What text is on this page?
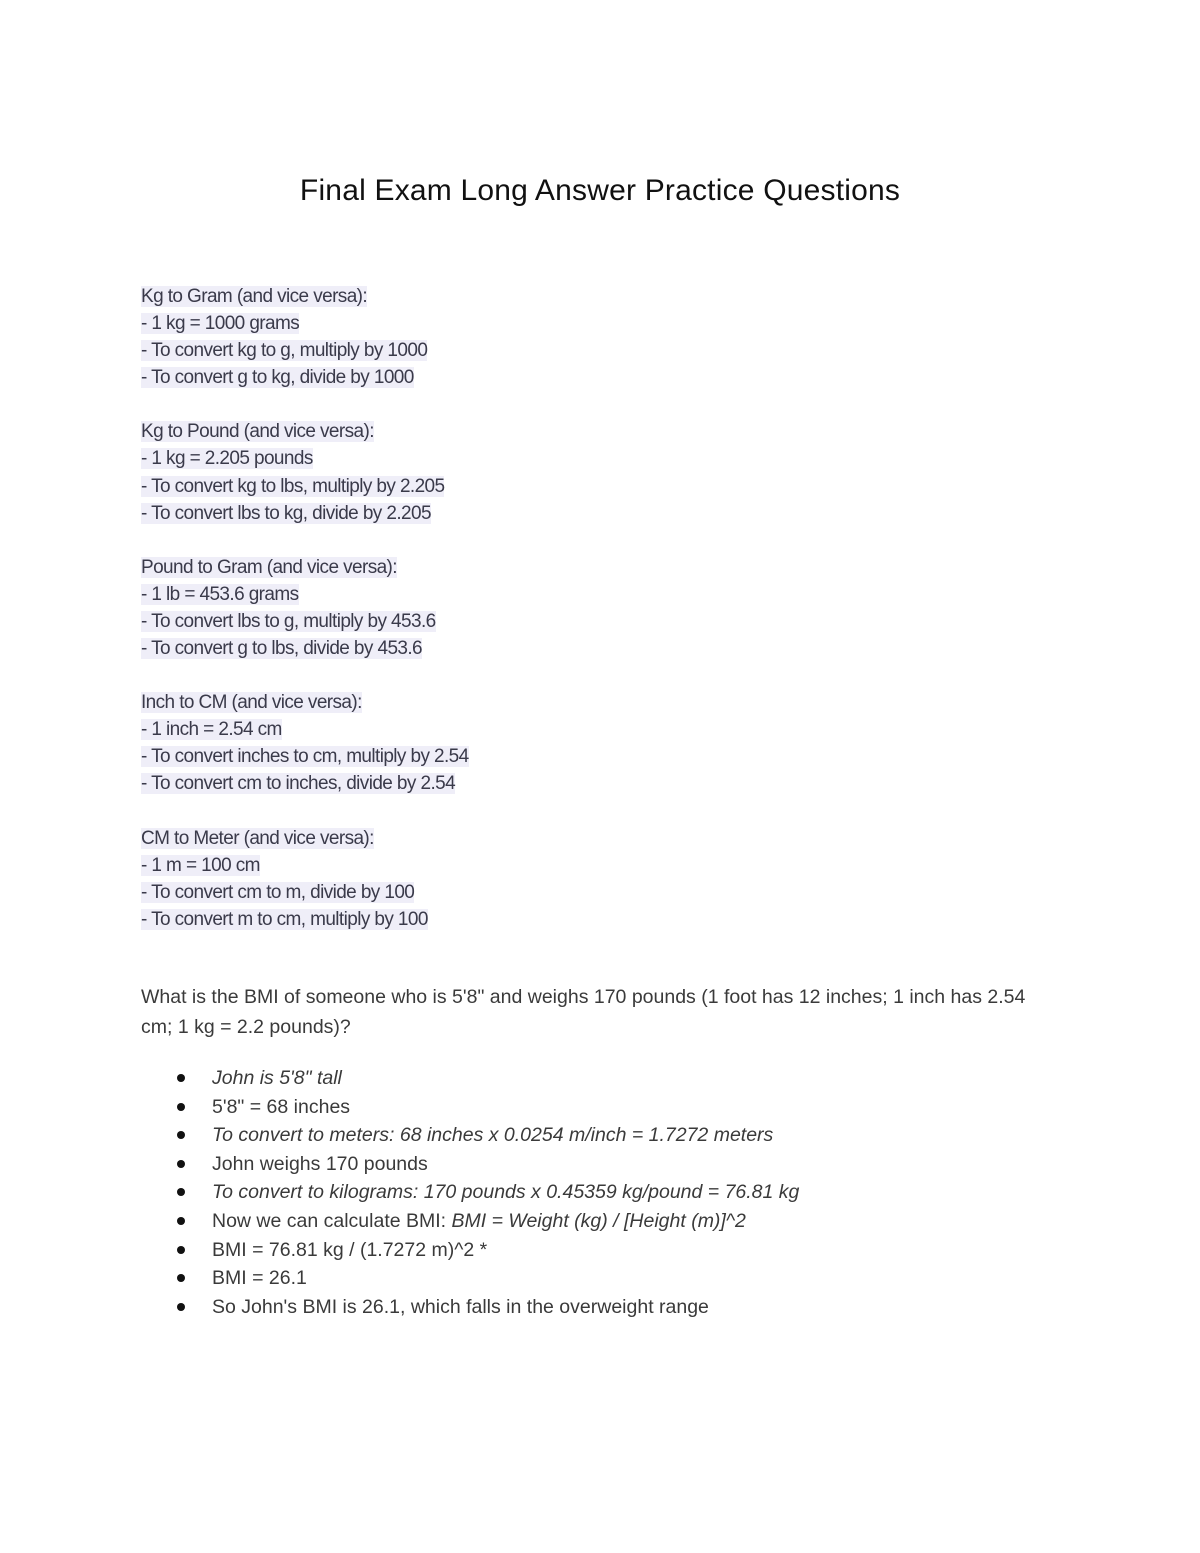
Final Exam Long Answer Practice Questions
Kg to Gram (and vice versa):
- 1 kg = 1000 grams
- To convert kg to g, multiply by 1000
- To convert g to kg, divide by 1000
Kg to Pound (and vice versa):
- 1 kg = 2.205 pounds
- To convert kg to lbs, multiply by 2.205
- To convert lbs to kg, divide by 2.205
Pound to Gram (and vice versa):
- 1 lb = 453.6 grams
- To convert lbs to g, multiply by 453.6
- To convert g to lbs, divide by 453.6
Inch to CM (and vice versa):
- 1 inch = 2.54 cm
- To convert inches to cm, multiply by 2.54
- To convert cm to inches, divide by 2.54
CM to Meter (and vice versa):
- 1 m = 100 cm
- To convert cm to m, divide by 100
- To convert m to cm, multiply by 100

What is the BMI of someone who is 5'8" and weighs 170 pounds (1 foot has 12 inches; 1 inch has 2.54 cm; 1 kg = 2.2 pounds)?

John is 5'8" tall
5'8" = 68 inches
To convert to meters: 68 inches x 0.0254 m/inch = 1.7272 meters
John weighs 170 pounds
To convert to kilograms: 170 pounds x 0.45359 kg/pound = 76.81 kg
Now we can calculate BMI: BMI = Weight (kg) / [Height (m)]^2
BMI = 76.81 kg / (1.7272 m)^2 *
BMI = 26.1
So John's BMI is 26.1, which falls in the overweight range
